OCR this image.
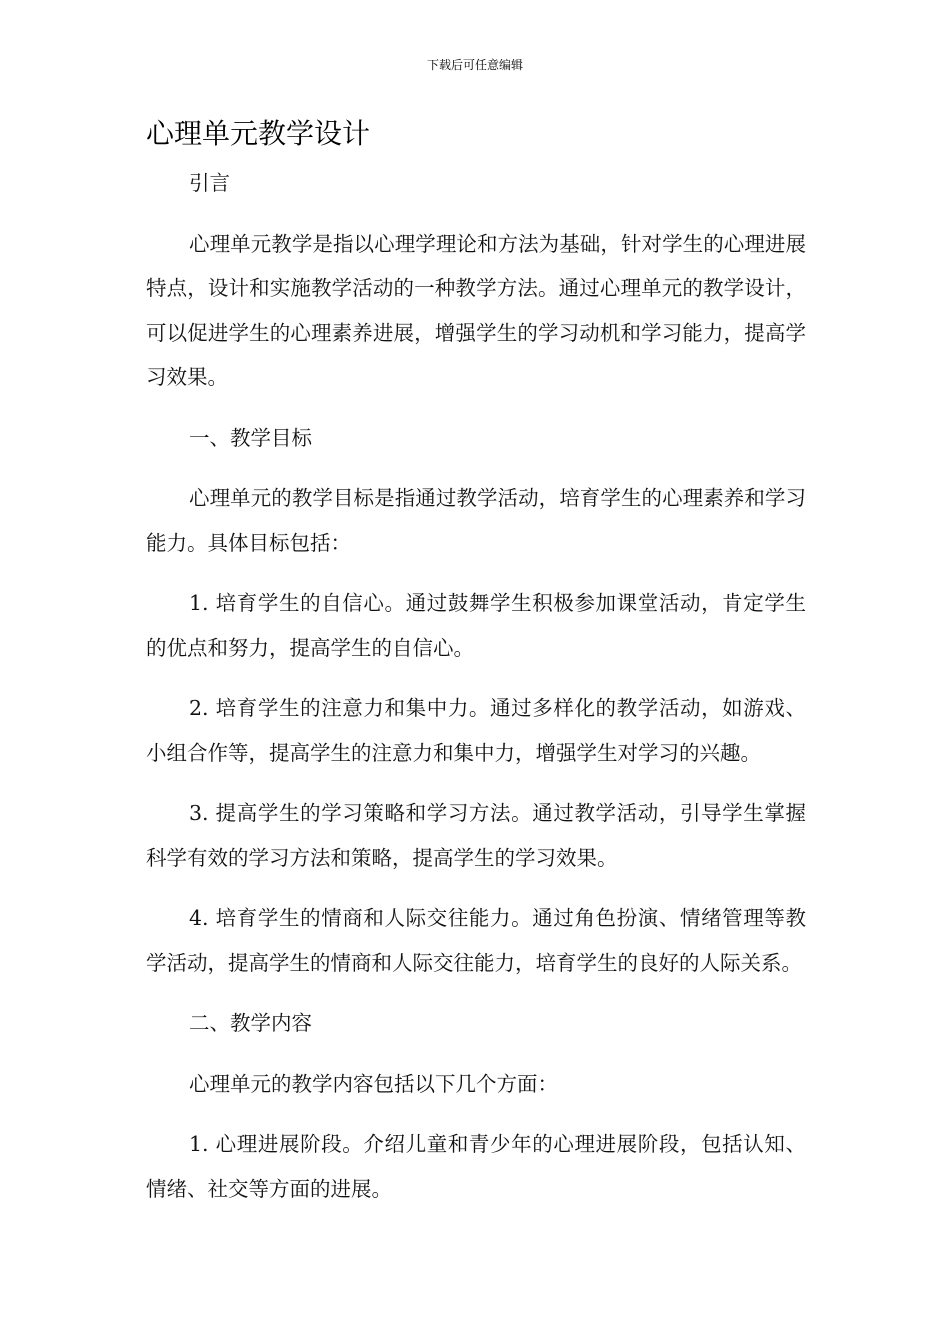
下载后可任意编辑
心理单元教学设计

引言

心理单元教学是指以心理学理论和方法为基础，针对学生的心理进展特点，设计和实施教学活动的一种教学方法。通过心理单元的教学设计，可以促进学生的心理素养进展，增强学生的学习动机和学习能力，提高学习效果。

一、教学目标

心理单元的教学目标是指通过教学活动，培育学生的心理素养和学习能力。具体目标包括：

1. 培育学生的自信心。通过鼓舞学生积极参加课堂活动，肯定学生的优点和努力，提高学生的自信心。

2. 培育学生的注意力和集中力。通过多样化的教学活动，如游戏、小组合作等，提高学生的注意力和集中力，增强学生对学习的兴趣。

3. 提高学生的学习策略和学习方法。通过教学活动，引导学生掌握科学有效的学习方法和策略，提高学生的学习效果。

4. 培育学生的情商和人际交往能力。通过角色扮演、情绪管理等教学活动，提高学生的情商和人际交往能力，培育学生的良好的人际关系。

二、教学内容

心理单元的教学内容包括以下几个方面：

1. 心理进展阶段。介绍儿童和青少年的心理进展阶段，包括认知、情绪、社交等方面的进展。
